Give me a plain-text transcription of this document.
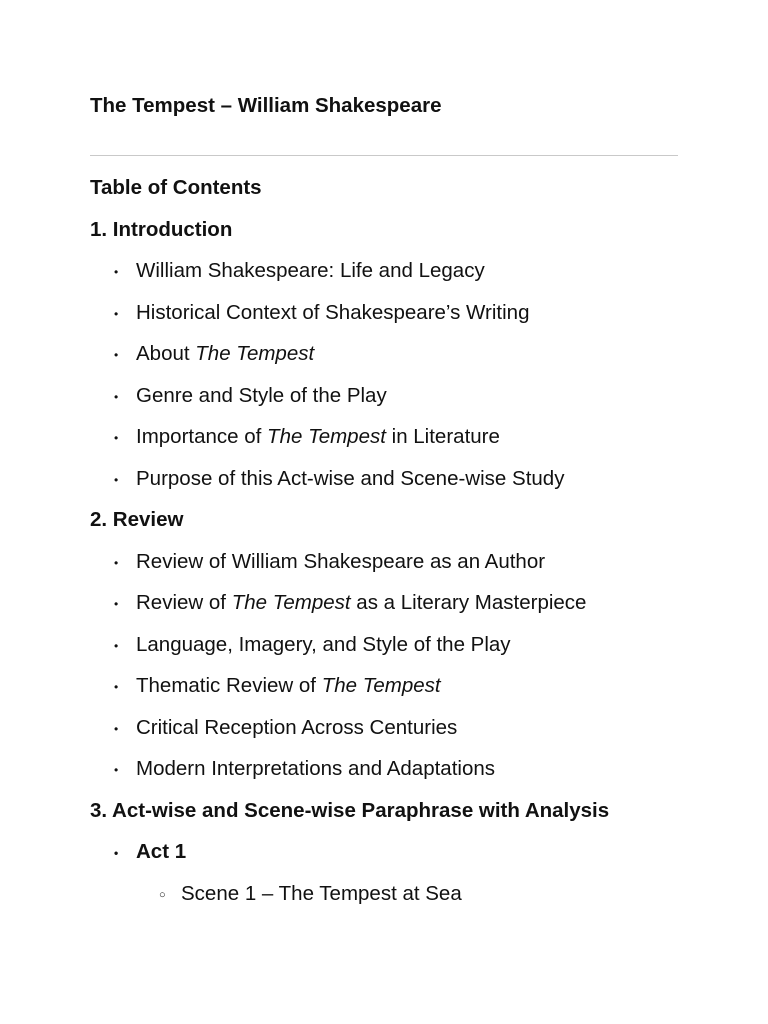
The Tempest – William Shakespeare
Table of Contents
1. Introduction
• William Shakespeare: Life and Legacy
• Historical Context of Shakespeare’s Writing
• About The Tempest
• Genre and Style of the Play
• Importance of The Tempest in Literature
• Purpose of this Act-wise and Scene-wise Study
2. Review
• Review of William Shakespeare as an Author
• Review of The Tempest as a Literary Masterpiece
• Language, Imagery, and Style of the Play
• Thematic Review of The Tempest
• Critical Reception Across Centuries
• Modern Interpretations and Adaptations
3. Act-wise and Scene-wise Paraphrase with Analysis
• Act 1
○ Scene 1 – The Tempest at Sea
